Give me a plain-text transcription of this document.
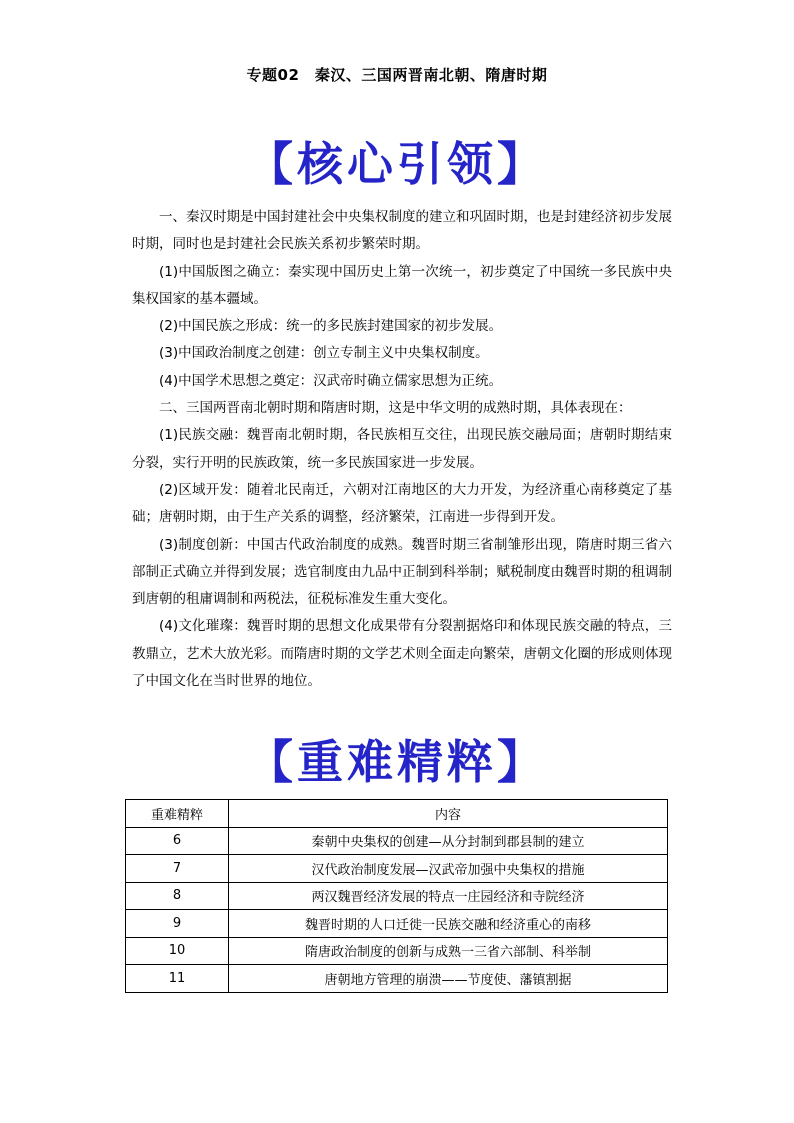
专题02　秦汉、三国两晋南北朝、隋唐时期
【核心引领】

一、秦汉时期是中国封建社会中央集权制度的建立和巩固时期，也是封建经济初步发展时期，同时也是封建社会民族关系初步繁荣时期。

(1)中国版图之确立：秦实现中国历史上第一次统一，初步奠定了中国统一多民族中央集权国家的基本疆域。

(2)中国民族之形成：统一的多民族封建国家的初步发展。

(3)中国政治制度之创建：创立专制主义中央集权制度。

(4)中国学术思想之奠定：汉武帝时确立儒家思想为正统。

二、三国两晋南北朝时期和隋唐时期，这是中华文明的成熟时期，具体表现在：

(1)民族交融：魏晋南北朝时期，各民族相互交往，出现民族交融局面；唐朝时期结束分裂，实行开明的民族政策，统一多民族国家进一步发展。

(2)区域开发：随着北民南迁，六朝对江南地区的大力开发，为经济重心南移奠定了基础；唐朝时期，由于生产关系的调整，经济繁荣，江南进一步得到开发。

(3)制度创新：中国古代政治制度的成熟。魏晋时期三省制雏形出现，隋唐时期三省六部制正式确立并得到发展；选官制度由九品中正制到科举制；赋税制度由魏晋时期的租调制到唐朝的租庸调制和两税法，征税标准发生重大变化。

(4)文化璀璨：魏晋时期的思想文化成果带有分裂割据烙印和体现民族交融的特点，三教鼎立，艺术大放光彩。而隋唐时期的文学艺术则全面走向繁荣，唐朝文化圈的形成则体现了中国文化在当时世界的地位。

【重难精粹】
重难精粹	内容
6	秦朝中央集权的创建—从分封制到郡县制的建立
7	汉代政治制度发展—汉武帝加强中央集权的措施
8	两汉魏晋经济发展的特点一庄园经济和寺院经济
9	魏晋时期的人口迁徙一民族交融和经济重心的南移
10	隋唐政治制度的创新与成熟一三省六部制、科举制
11	唐朝地方管理的崩溃——节度使、藩镇割据
